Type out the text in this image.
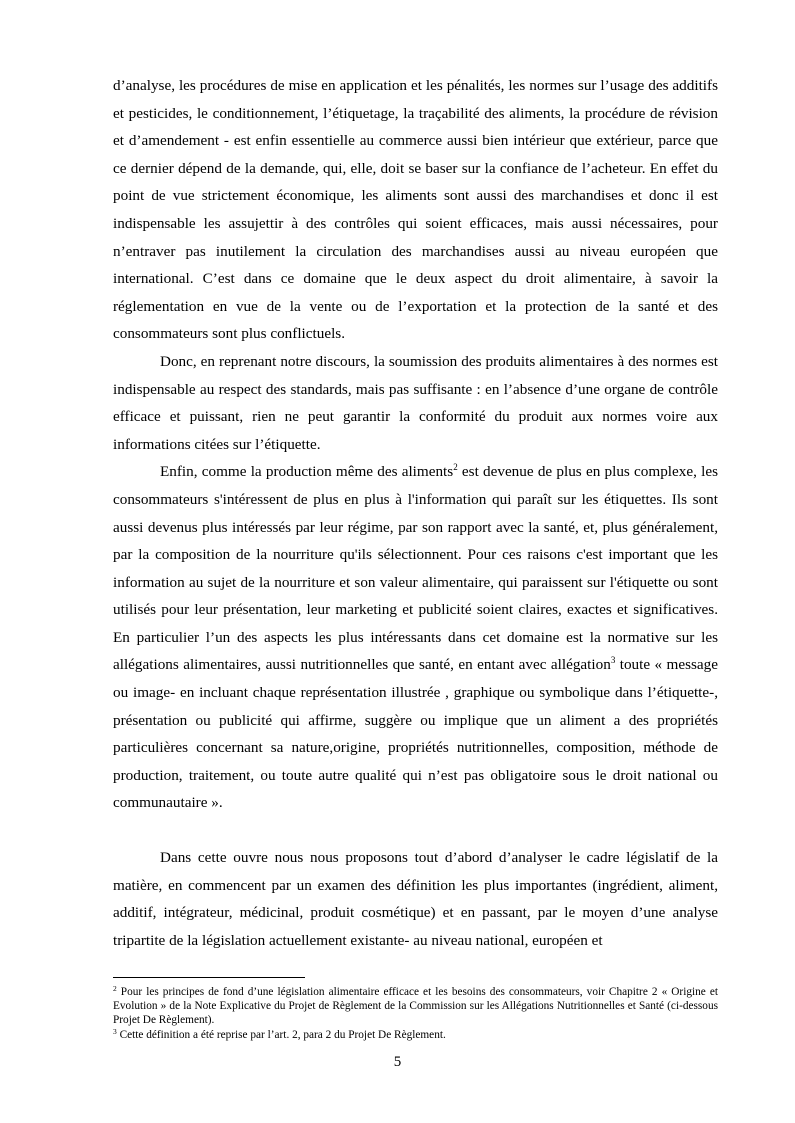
d’analyse, les procédures de mise en application et les pénalités, les normes sur l’usage des additifs et pesticides, le conditionnement, l’étiquetage, la traçabilité des aliments, la procédure de révision et d’amendement - est enfin essentielle au commerce aussi bien intérieur que extérieur, parce que ce dernier dépend de la demande, qui, elle, doit se baser sur la confiance de l’acheteur. En effet du point de vue strictement économique, les aliments sont aussi des marchandises et donc il est indispensable les assujettir à des contrôles qui soient efficaces, mais aussi nécessaires, pour n’entraver pas inutilement la circulation des marchandises aussi au niveau européen que international. C’est dans ce domaine que le deux aspect du droit alimentaire, à savoir la réglementation en vue de la vente ou de l’exportation et la protection de la santé et des consommateurs sont plus conflictuels.

Donc, en reprenant notre discours, la soumission des produits alimentaires à des normes est indispensable au respect des standards, mais pas suffisante : en l’absence d’une organe de contrôle efficace et puissant, rien ne peut garantir la conformité du produit aux normes voire aux informations citées sur l’étiquette.

Enfin, comme la production même des aliments$^2$ est devenue de plus en plus complexe, les consommateurs s'intéressent de plus en plus à l'information qui paraît sur les étiquettes. Ils sont aussi devenus plus intéressés par leur régime, par son rapport avec la santé, et, plus généralement, par la composition de la nourriture qu'ils sélectionnent. Pour ces raisons c'est important que les information au sujet de la nourriture et son valeur alimentaire, qui paraissent sur l'étiquette ou sont utilisés pour leur présentation, leur marketing et publicité soient claires, exactes et significatives. En particulier l’un des aspects les plus intéressants dans cet domaine est la normative sur les allégations alimentaires, aussi nutritionnelles que santé, en entant avec allégation$^3$ toute « message ou image- en incluant chaque représentation illustrée , graphique ou symbolique dans l’étiquette-, présentation ou publicité qui affirme, suggère ou implique que un aliment a des propriétés particulières concernant sa nature,origine, propriétés nutritionnelles, composition, méthode de production, traitement, ou toute autre qualité qui n’est pas obligatoire sous le droit national ou communautaire ».

Dans cette ouvre nous nous proposons tout d’abord d’analyser le cadre législatif de la matière, en commencent par un examen des définition les plus importantes (ingrédient, aliment, additif, intégrateur, médicinal, produit cosmétique) et en passant, par le moyen d’une analyse tripartite de la législation actuellement existante- au niveau national, européen et

$^2$ Pour les principes de fond d’une législation alimentaire efficace et les besoins des consommateurs, voir Chapitre 2 « Origine et Evolution » de la Note Explicative du Projet de Règlement de la Commission sur les Allégations Nutritionnelles et Santé (ci-dessous Projet De Règlement).

$^3$ Cette définition a été reprise par l’art. 2, para 2 du Projet De Règlement.

5
